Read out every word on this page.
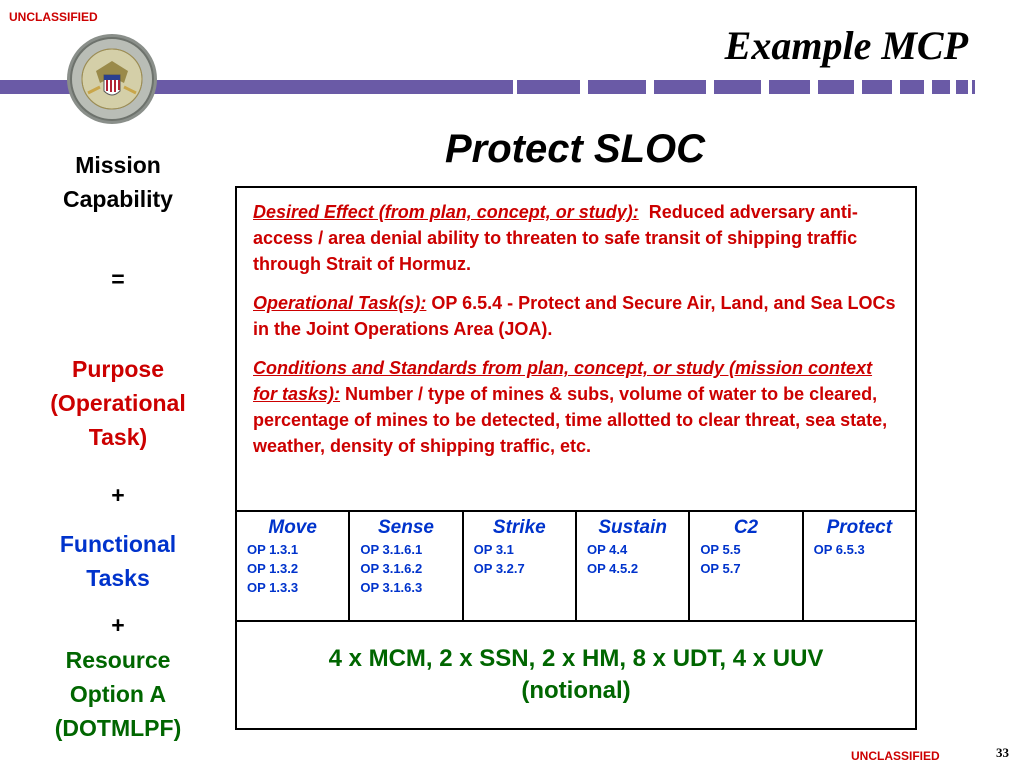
UNCLASSIFIED
Example MCP
Protect SLOC
Mission
Capability
=
Purpose
(Operational
Task)
+
Functional
Tasks
+
Resource
Option A
(DOTMLPF)

Desired Effect (from plan, concept, or study): Reduced adversary anti-access / area denial ability to threaten to safe transit of shipping traffic through Strait of Hormuz.

Operational Task(s): OP 6.5.4 - Protect and Secure Air, Land, and Sea LOCs in the Joint Operations Area (JOA).

Conditions and Standards from plan, concept, or study (mission context for tasks): Number / type of mines & subs, volume of water to be cleared, percentage of mines to be detected, time allotted to clear threat, sea state, weather, density of shipping traffic, etc.

Move
OP 1.3.1
OP 1.3.2
OP 1.3.3
Sense
OP 3.1.6.1
OP 3.1.6.2
OP 3.1.6.3
Strike
OP 3.1
OP 3.2.7
Sustain
OP 4.4
OP 4.5.2
C2
OP 5.5
OP 5.7
Protect
OP 6.5.3
4 x MCM, 2 x SSN, 2 x HM, 8 x UDT, 4 x UUV (notional)
UNCLASSIFIED	33
